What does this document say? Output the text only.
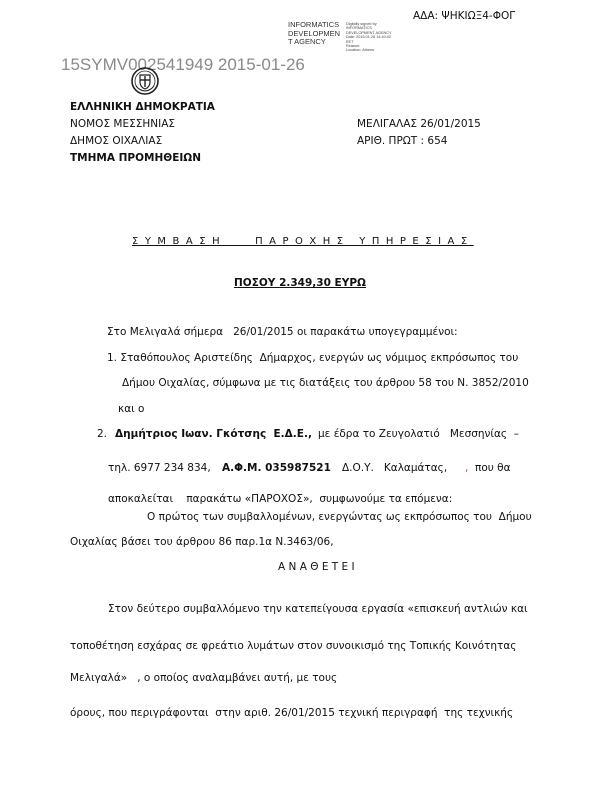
ΑΔΑ: ΨΗΚΙΩΞ4-ΦΟΓ
INFORMATICS
DEVELOPMEN
T AGENCY
Digitally signed by
INFORMATICS
DEVELOPMENT AGENCY
Date: 2015.01.26 14:40:00
EET
Reason:
Location: Athens
15SYMV002541949 2015-01-26
ΕΛΛΗΝΙΚΗ ΔΗΜΟΚΡΑΤΙΑ
ΝΟΜΟΣ ΜΕΣΣΗΝΙΑΣ
ΔΗΜΟΣ ΟΙΧΑΛΙΑΣ
ΤΜΗΜΑ ΠΡΟΜΗΘΕΙΩΝ
ΜΕΛΙΓΑΛΑΣ 26/01/2015
ΑΡΙΘ. ΠΡΩΤ : 654
ΣΥΜΒΑΣΗ   ΠΑΡΟΧΗΣ ΥΠΗΡΕΣΙΑΣ
ΠΟΣΟΥ 2.349,30 ΕΥΡΩ
Στο Μελιγαλά σήμερα   26/01/2015 οι παρακάτω υπογεγραμμένοι:
1. Σταθόπουλος Αριστείδης  Δήμαρχος, ενεργών ως νόμιμος εκπρόσωπος του
Δήμου Οιχαλίας, σύμφωνα με τις διατάξεις του άρθρου 58 του Ν. 3852/2010
και ο
2. Δημήτριος Ιωαν. Γκότσης  Ε.Δ.Ε., με έδρα το Ζευγολατιό   Μεσσηνίας  –
τηλ. 6977 234 834, Α.Φ.Μ. 035987521 Δ.Ο.Υ.   Καλαμάτας, , που θα
αποκαλείται    παρακάτω «ΠΑΡΟΧΟΣ»,  συμφωνούμε τα επόμενα:
Ο πρώτος των συμβαλλομένων, ενεργώντας ως εκπρόσωπος του  Δήμου
Οιχαλίας βάσει του άρθρου 86 παρ.1α Ν.3463/06,
Α Ν Α Θ Ε Τ Ε Ι
Στον δεύτερο συμβαλλόμενο την κατεπείγουσα εργασία «επισκευή αντλιών και
τοποθέτηση εσχάρας σε φρεάτιο λυμάτων στον συνοικισμό της Τοπικής Κοινότητας
Μελιγαλά»   , ο οποίος αναλαμβάνει αυτή, με τους
όρους, που περιγράφονται  στην αριθ. 26/01/2015 τεχνική περιγραφή  της τεχνικής
